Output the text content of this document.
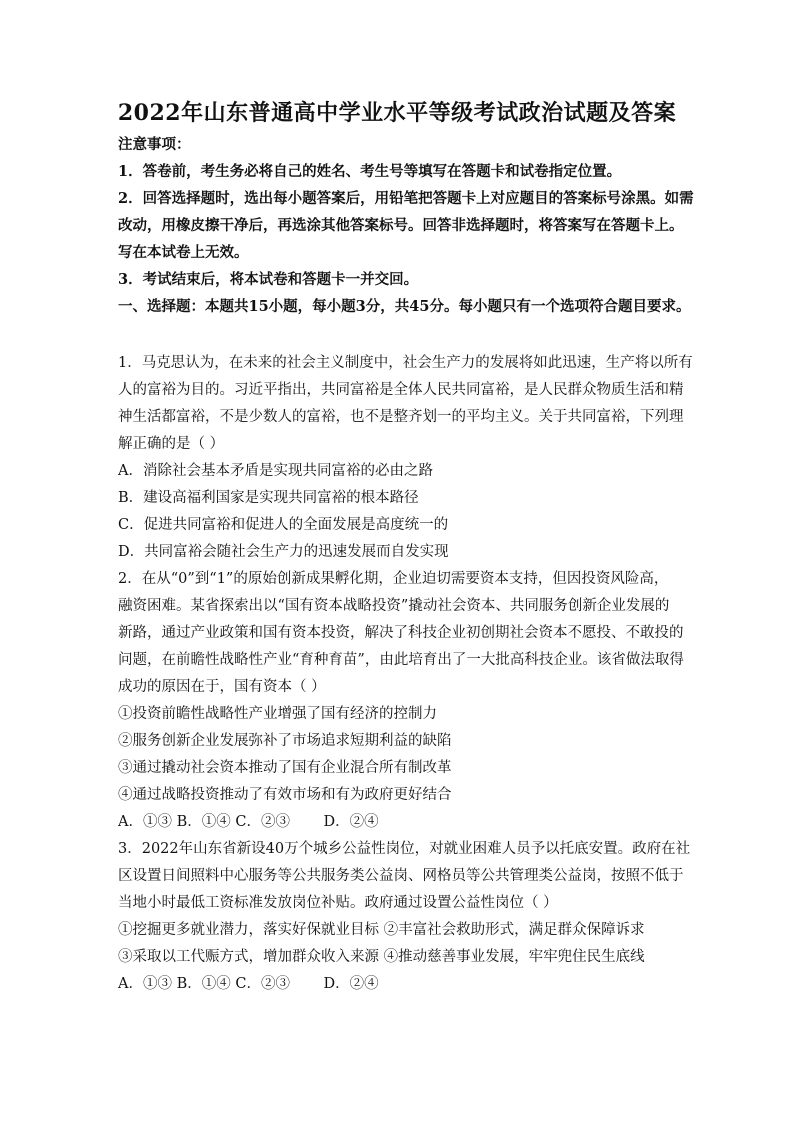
2022年山东普通高中学业水平等级考试政治试题及答案
注意事项：
1．答卷前，考生务必将自己的姓名、考生号等填写在答题卡和试卷指定位置。
2．回答选择题时，选出每小题答案后，用铅笔把答题卡上对应题目的答案标号涂黑。如需
改动，用橡皮擦干净后，再选涂其他答案标号。回答非选择题时，将答案写在答题卡上。
写在本试卷上无效。
3．考试结束后，将本试卷和答题卡一并交回。
一、选择题：本题共15小题，每小题3分，共45分。每小题只有一个选项符合题目要求。
1．马克思认为，在未来的社会主义制度中，社会生产力的发展将如此迅速，生产将以所有
人的富裕为目的。习近平指出，共同富裕是全体人民共同富裕，是人民群众物质生活和精
神生活都富裕，不是少数人的富裕，也不是整齐划一的平均主义。关于共同富裕，下列理
解正确的是（ ）
A．消除社会基本矛盾是实现共同富裕的必由之路
B．建设高福利国家是实现共同富裕的根本路径
C．促进共同富裕和促进人的全面发展是高度统一的
D．共同富裕会随社会生产力的迅速发展而自发实现
2．在从“0”到“1”的原始创新成果孵化期，企业迫切需要资本支持，但因投资风险高，
融资困难。某省探索出以“国有资本战略投资”撬动社会资本、共同服务创新企业发展的
新路，通过产业政策和国有资本投资，解决了科技企业初创期社会资本不愿投、不敢投的
问题，在前瞻性战略性产业“育种育苗”，由此培育出了一大批高科技企业。该省做法取得
成功的原因在于，国有资本（ ）
①投资前瞻性战略性产业增强了国有经济的控制力
②服务创新企业发展弥补了市场追求短期利益的缺陷
③通过撬动社会资本推动了国有企业混合所有制改革
④通过战略投资推动了有效市场和有为政府更好结合
A．①③ B．①④ C．②③　　 D．②④
3．2022年山东省新设40万个城乡公益性岗位，对就业困难人员予以托底安置。政府在社
区设置日间照料中心服务等公共服务类公益岗、网格员等公共管理类公益岗，按照不低于
当地小时最低工资标准发放岗位补贴。政府通过设置公益性岗位（ ）
①挖掘更多就业潜力，落实好保就业目标 ②丰富社会救助形式，满足群众保障诉求
③采取以工代赈方式，增加群众收入来源 ④推动慈善事业发展，牢牢兜住民生底线
A．①③ B．①④ C．②③　　 D．②④
